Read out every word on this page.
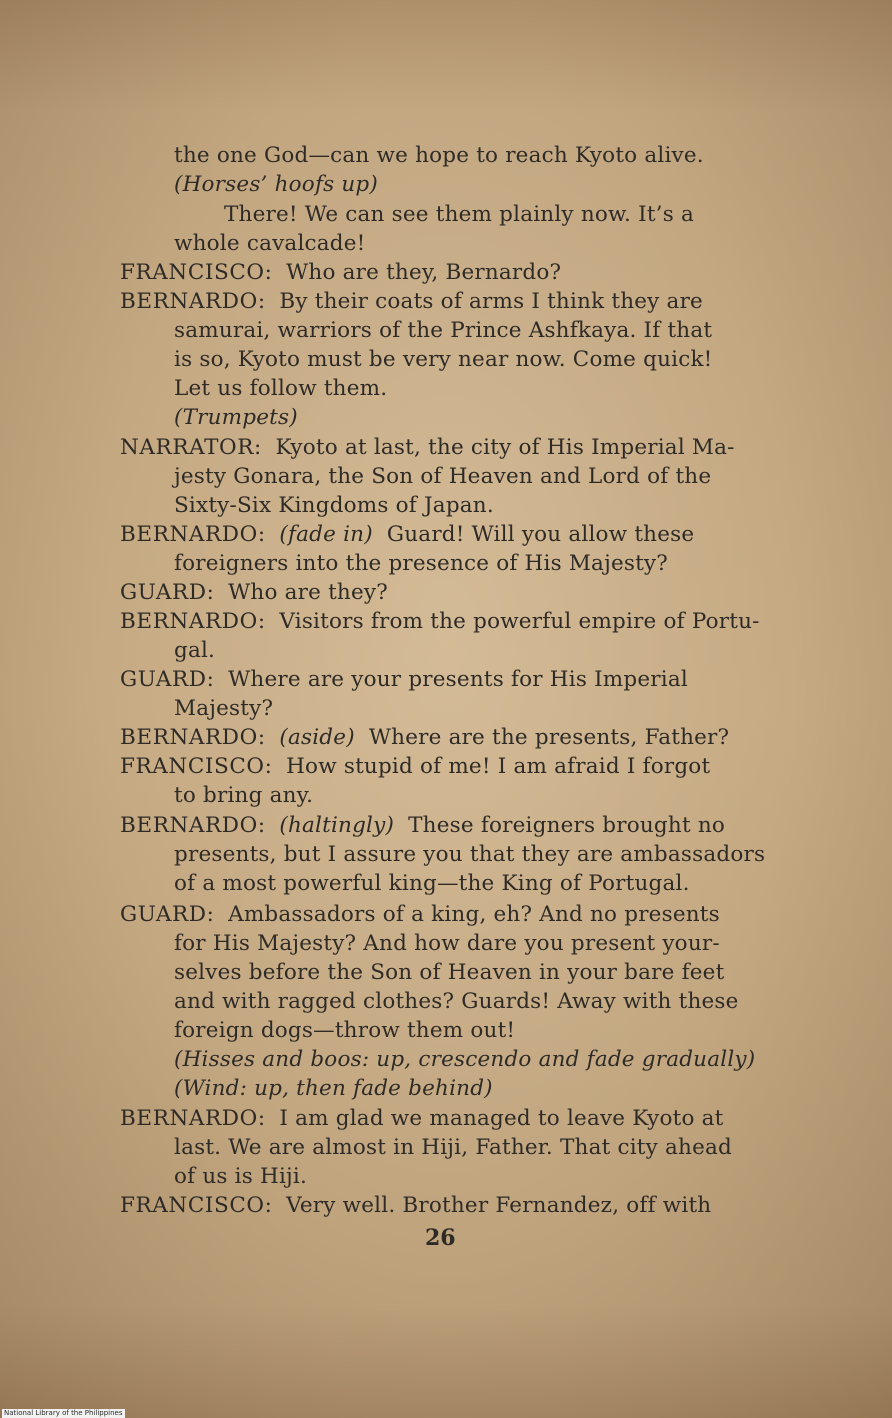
the one God—can we hope to reach Kyoto alive.
(Horses’ hoofs up)
There! We can see them plainly now. It’s a
whole cavalcade!
FRANCISCO:  Who are they, Bernardo?
BERNARDO:  By their coats of arms I think they are
samurai, warriors of the Prince Ashfkaya. If that
is so, Kyoto must be very near now. Come quick!
Let us follow them.
(Trumpets)
NARRATOR:  Kyoto at last, the city of His Imperial Ma-
jesty Gonara, the Son of Heaven and Lord of the
Sixty-Six Kingdoms of Japan.
BERNARDO:  (fade in) Guard! Will you allow these
foreigners into the presence of His Majesty?
GUARD:  Who are they?
BERNARDO:  Visitors from the powerful empire of Portu-
gal.
GUARD:  Where are your presents for His Imperial
Majesty?
BERNARDO:  (aside) Where are the presents, Father?
FRANCISCO:  How stupid of me! I am afraid I forgot
to bring any.
BERNARDO:  (haltingly) These foreigners brought no
presents, but I assure you that they are ambassadors
of a most powerful king—the King of Portugal.
GUARD:  Ambassadors of a king, eh? And no presents
for His Majesty? And how dare you present your-
selves before the Son of Heaven in your bare feet
and with ragged clothes? Guards! Away with these
foreign dogs—throw them out!
(Hisses and boos: up, crescendo and fade gradually)
(Wind: up, then fade behind)
BERNARDO:  I am glad we managed to leave Kyoto at
last. We are almost in Hiji, Father. That city ahead
of us is Hiji.
FRANCISCO:  Very well. Brother Fernandez, off with
26
National Library of the Philippines
